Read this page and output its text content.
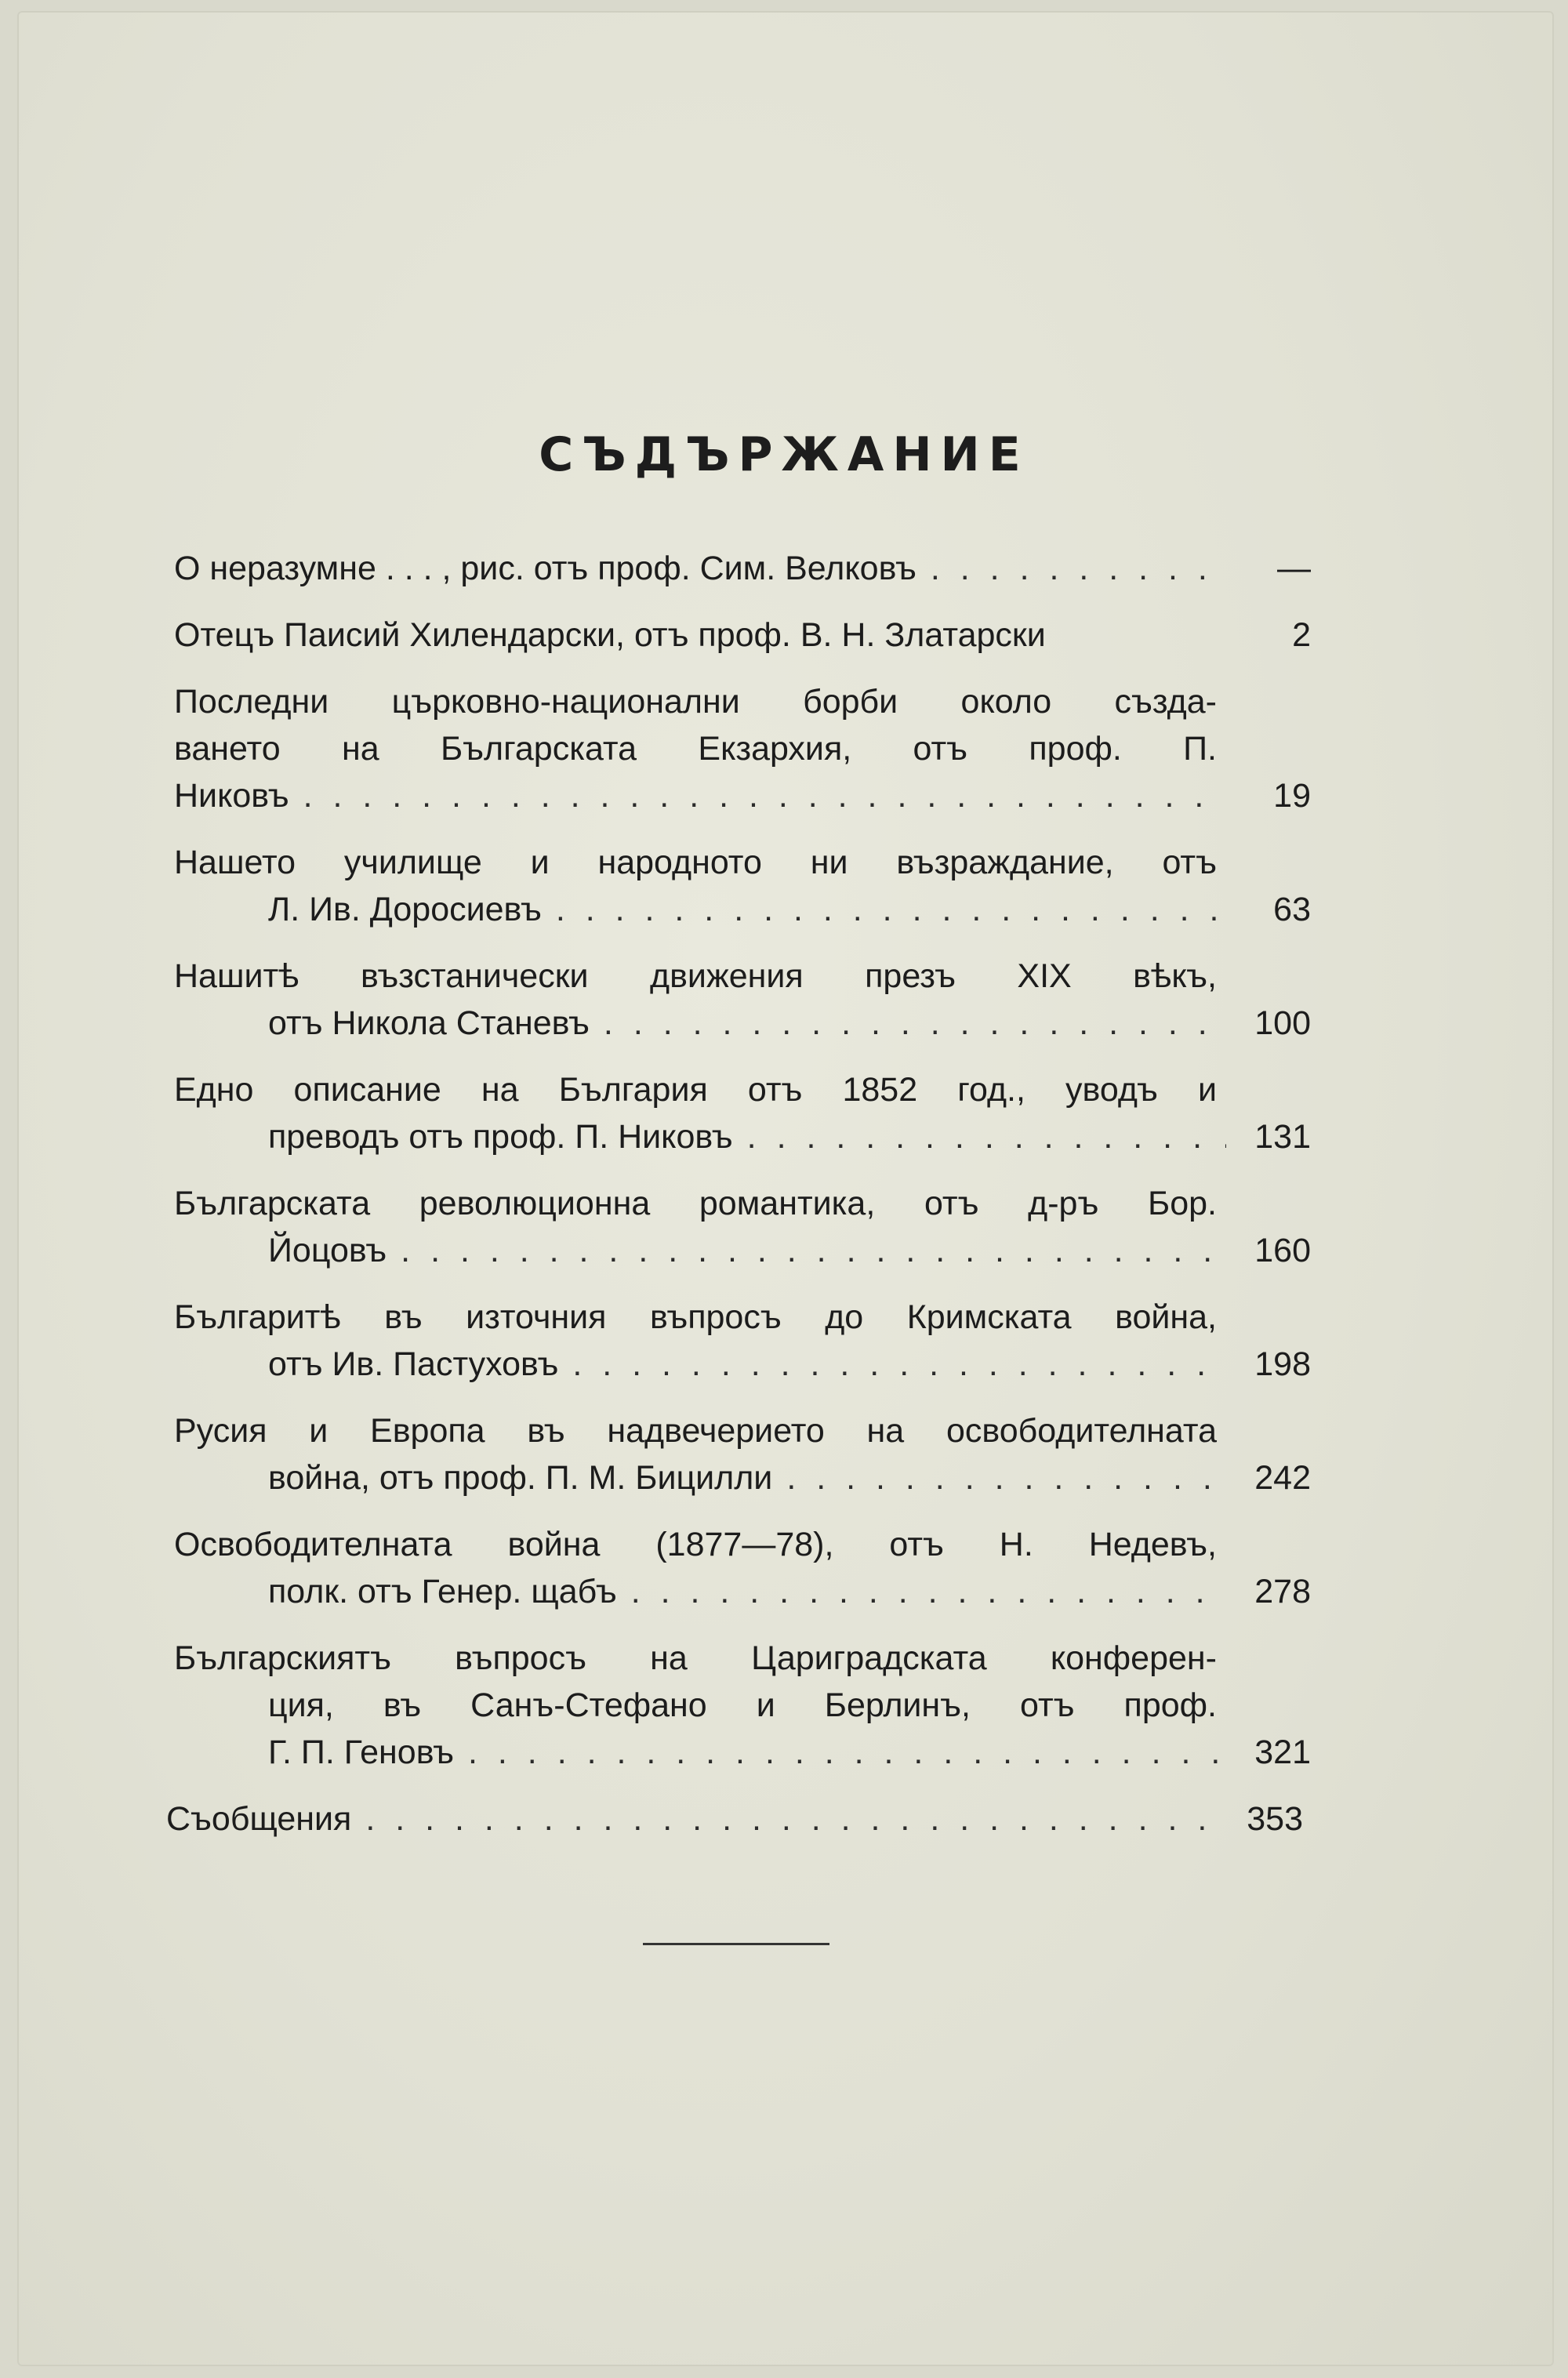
СЪДЪРЖАНИЕ
О неразумне . . . , рис. отъ проф. Сим. Велковъ . . .	—
Отецъ Паисий Хилендарски, отъ проф. В. Н. Златарски	2
Последни църковно-национални борби около създа-
ването на Българската Екзархия, отъ проф. П.
Никовъ . . .	19
Нашето училище и народното ни възраждание, отъ
Л. Ив. Доросиевъ . . .	63
Нашитѣ възстанически движения презъ XIX вѣкъ,
отъ Никола Станевъ . . .	100
Едно описание на България отъ 1852 год., уводъ и
преводъ отъ проф. П. Никовъ . . .	131
Българската революционна романтика, отъ д-ръ Бор.
Йоцовъ . . .	160
Българитѣ въ източния въпросъ до Кримската война,
отъ Ив. Пастуховъ . . .	198
Русия и Европа въ надвечерието на освободителната
война, отъ проф. П. М. Бицилли . . .	242
Освободителната война (1877—78), отъ Н. Недевъ,
полк. отъ Генер. щабъ . . .	278
Българскиятъ въпросъ на Цариградската конферен-
ция, въ Санъ-Стефано и Берлинъ, отъ проф.
Г. П. Геновъ . . .	321
Съобщения . . .	353
